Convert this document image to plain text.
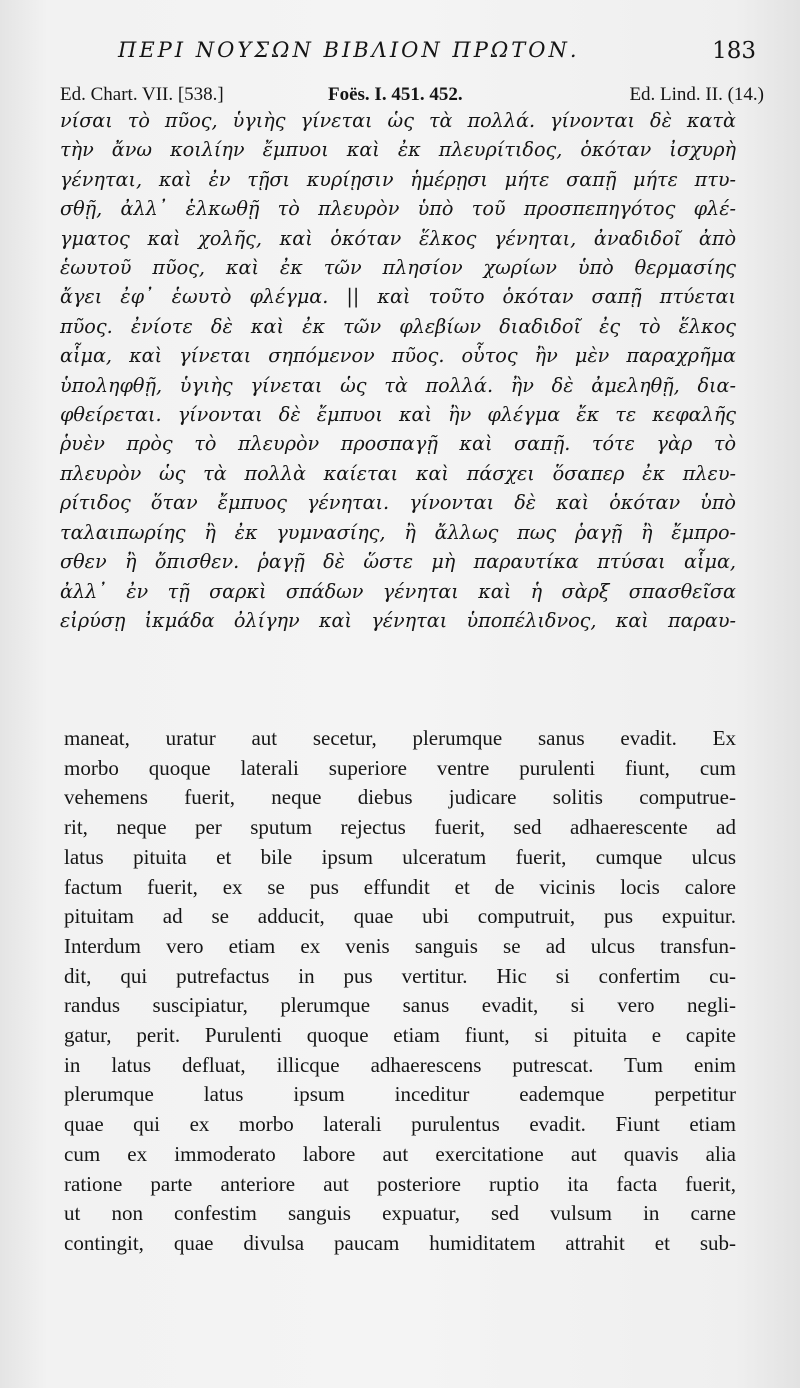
ΠΕΡΙ ΝΟΥΣΩΝ ΒΙΒΛΙΟΝ ΠΡΩΤΟΝ.	183
Ed. Chart. VII. [538.]	Foës. I. 451. 452.	Ed. Lind. II. (14.)
νίσαι τὸ πῦος, ὑγιὴς γίνεται ὡς τὰ πολλά. γίνονται δὲ κατὰ
τὴν ἄνω κοιλίην ἔμπυοι καὶ ἐκ πλευρίτιδος, ὁκόταν ἰσχυρὴ
γένηται, καὶ ἐν τῇσι κυρίῃσιν ἡμέρῃσι μήτε σαπῇ μήτε πτυ-
σθῇ, ἀλλ᾽ ἑλκωθῇ τὸ πλευρὸν ὑπὸ τοῦ προσπεπηγότος φλέ-
γματος καὶ χολῆς, καὶ ὁκόταν ἕλκος γένηται, ἀναδιδοῖ ἀπὸ
ἑωυτοῦ πῦος, καὶ ἐκ τῶν πλησίον χωρίων ὑπὸ θερμασίης
ἄγει ἐφ᾽ ἑωυτὸ φλέγμα. || καὶ τοῦτο ὁκόταν σαπῇ πτύεται
πῦος. ἐνίοτε δὲ καὶ ἐκ τῶν φλεβίων διαδιδοῖ ἐς τὸ ἕλκος
αἷμα, καὶ γίνεται σηπόμενον πῦος. οὗτος ἢν μὲν παραχρῆμα
ὑποληφθῇ, ὑγιὴς γίνεται ὡς τὰ πολλά. ἢν δὲ ἀμεληθῇ, δια-
φθείρεται. γίνονται δὲ ἔμπυοι καὶ ἢν φλέγμα ἔκ τε κεφαλῆς
ῥυὲν πρὸς τὸ πλευρὸν προσπαγῇ καὶ σαπῇ. τότε γὰρ τὸ
πλευρὸν ὡς τὰ πολλὰ καίεται καὶ πάσχει ὅσαπερ ἐκ πλευ-
ρίτιδος ὅταν ἔμπυος γένηται. γίνονται δὲ καὶ ὁκόταν ὑπὸ
ταλαιπωρίης ἢ ἐκ γυμνασίης, ἢ ἄλλως πως ῥαγῇ ἢ ἔμπρο-
σθεν ἢ ὄπισθεν. ῥαγῇ δὲ ὥστε μὴ παραυτίκα πτύσαι αἷμα,
ἀλλ᾽ ἐν τῇ σαρκὶ σπάδων γένηται καὶ ἡ σὰρξ σπασθεῖσα
εἰρύσῃ ἰκμάδα ὀλίγην καὶ γένηται ὑποπέλιδνος, καὶ παραυ-
maneat, uratur aut secetur, plerumque sanus evadit. Ex
morbo quoque laterali superiore ventre purulenti fiunt, cum
vehemens fuerit, neque diebus judicare solitis computrue-
rit, neque per sputum rejectus fuerit, sed adhaerescente ad
latus pituita et bile ipsum ulceratum fuerit, cumque ulcus
factum fuerit, ex se pus effundit et de vicinis locis calore
pituitam ad se adducit, quae ubi computruit, pus expuitur.
Interdum vero etiam ex venis sanguis se ad ulcus transfun-
dit, qui putrefactus in pus vertitur. Hic si confertim cu-
randus suscipiatur, plerumque sanus evadit, si vero negli-
gatur, perit. Purulenti quoque etiam fiunt, si pituita e capite
in latus defluat, illicque adhaerescens putrescat. Tum enim
plerumque latus ipsum inceditur eademque perpetitur
quae qui ex morbo laterali purulentus evadit. Fiunt etiam
cum ex immoderato labore aut exercitatione aut quavis alia
ratione parte anteriore aut posteriore ruptio ita facta fuerit,
ut non confestim sanguis expuatur, sed vulsum in carne
contingit, quae divulsa paucam humiditatem attrahit et sub-
